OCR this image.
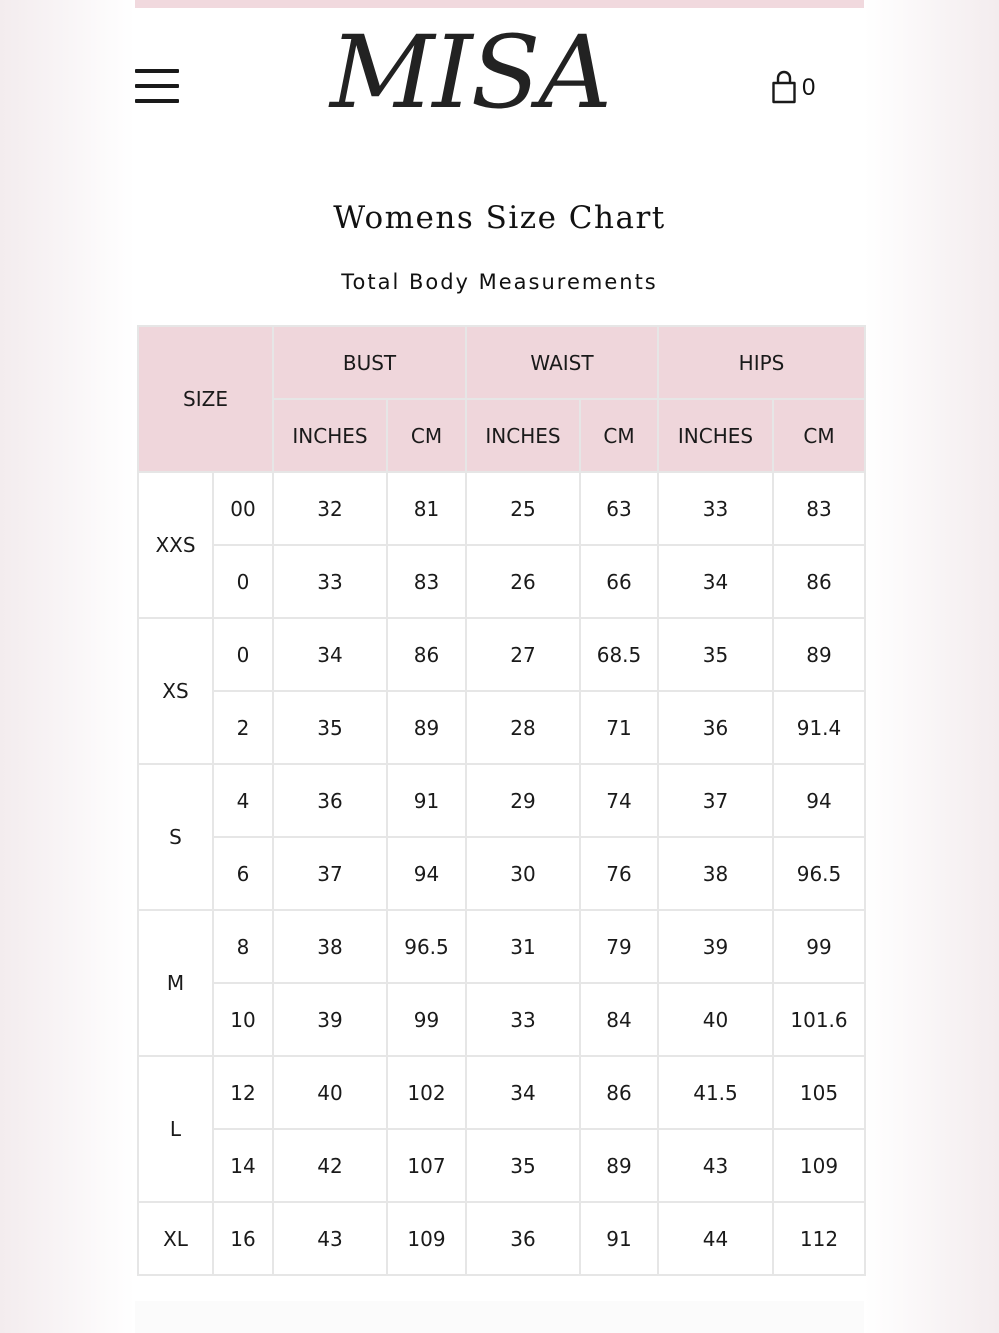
MISA	0
Womens Size Chart
Total Body Measurements
SIZE		BUST		WAIST		HIPS	
		INCHES	CM	INCHES	CM	INCHES	CM
XXS	00	32	81	25	63	33	83
	0	33	83	26	66	34	86
XS	0	34	86	27	68.5	35	89
	2	35	89	28	71	36	91.4
S	4	36	91	29	74	37	94
	6	37	94	30	76	38	96.5
M	8	38	96.5	31	79	39	99
	10	39	99	33	84	40	101.6
L	12	40	102	34	86	41.5	105
	14	42	107	35	89	43	109
XL	16	43	109	36	91	44	112
